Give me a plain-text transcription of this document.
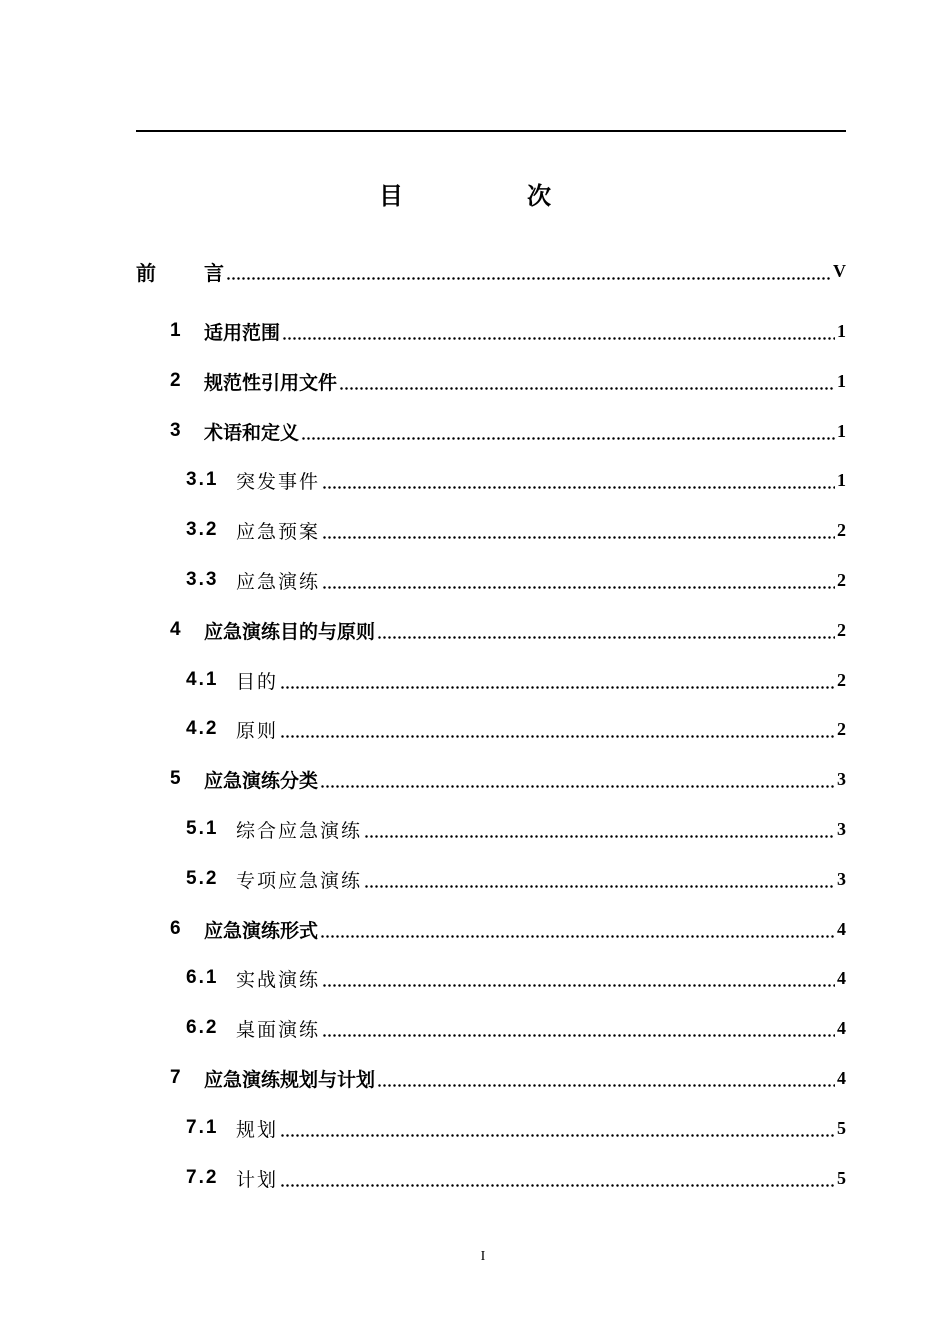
目　次
前	言	V
1	适用范围	1
2	规范性引用文件	1
3	术语和定义	1
3.1 突发事件	1
3.2 应急预案	2
3.3 应急演练	2
4	应急演练目的与原则	2
4.1 目的	2
4.2 原则	2
5	应急演练分类	3
5.1 综合应急演练	3
5.2 专项应急演练	3
6	应急演练形式	4
6.1 实战演练	4
6.2 桌面演练	4
7	应急演练规划与计划	4
7.1 规划	5
7.2 计划	5
I
